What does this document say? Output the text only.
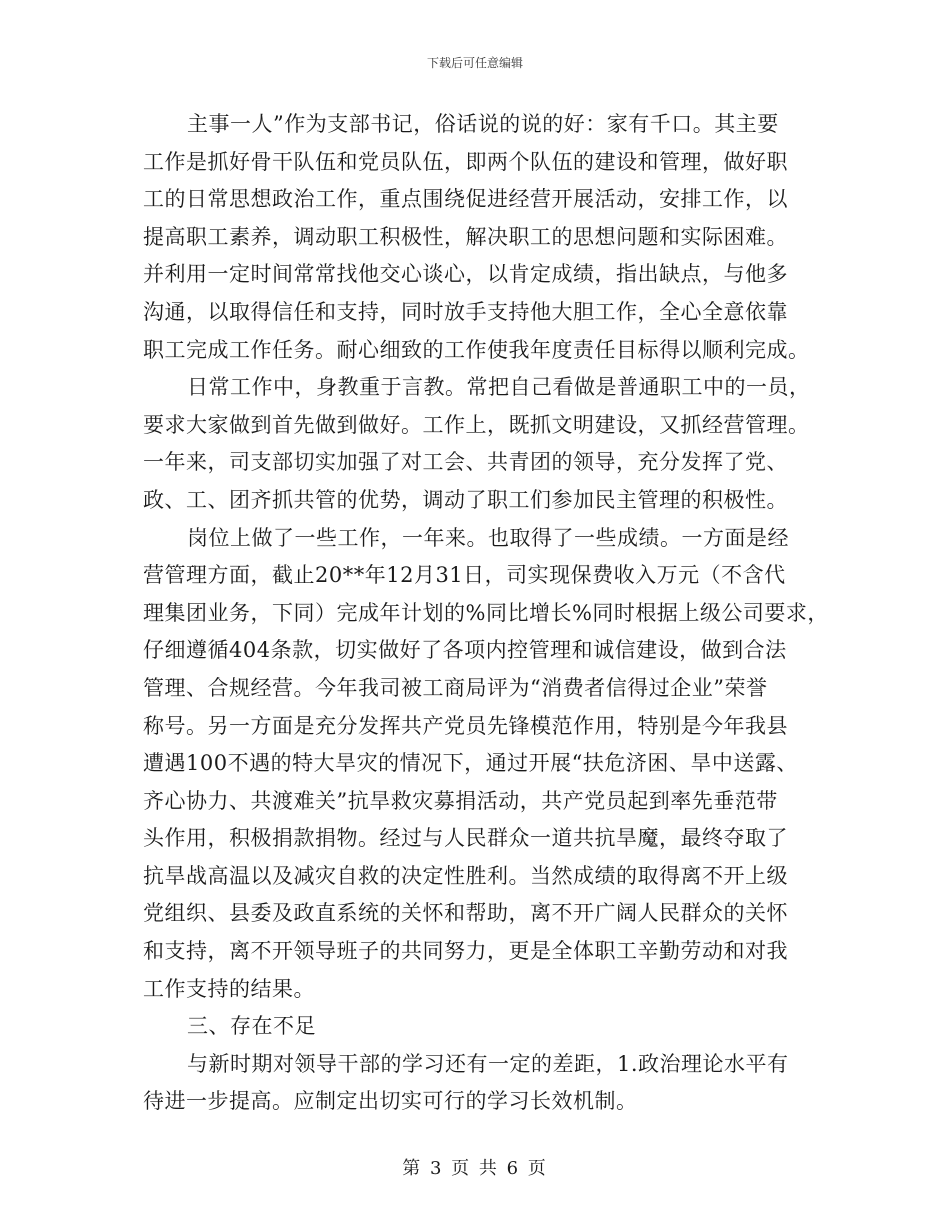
下载后可任意编辑
主事一人”作为支部书记，俗话说的说的好：家有千口。其主要
工作是抓好骨干队伍和党员队伍，即两个队伍的建设和管理，做好职
工的日常思想政治工作，重点围绕促进经营开展活动，安排工作，以
提高职工素养，调动职工积极性，解决职工的思想问题和实际困难。
并利用一定时间常常找他交心谈心，以肯定成绩，指出缺点，与他多
沟通，以取得信任和支持，同时放手支持他大胆工作，全心全意依靠
职工完成工作任务。耐心细致的工作使我年度责任目标得以顺利完成。
日常工作中，身教重于言教。常把自己看做是普通职工中的一员，
要求大家做到首先做到做好。工作上，既抓文明建设，又抓经营管理。
一年来，司支部切实加强了对工会、共青团的领导，充分发挥了党、
政、工、团齐抓共管的优势，调动了职工们参加民主管理的积极性。
岗位上做了一些工作，一年来。也取得了一些成绩。一方面是经
营管理方面，截止20**年12月31日，司实现保费收入万元（不含代
理集团业务，下同）完成年计划的%同比增长%同时根据上级公司要求，
仔细遵循404条款，切实做好了各项内控管理和诚信建设，做到合法
管理、合规经营。今年我司被工商局评为“消费者信得过企业”荣誉
称号。另一方面是充分发挥共产党员先锋模范作用，特别是今年我县
遭遇100不遇的特大旱灾的情况下，通过开展“扶危济困、旱中送露、
齐心协力、共渡难关”抗旱救灾募捐活动，共产党员起到率先垂范带
头作用，积极捐款捐物。经过与人民群众一道共抗旱魔，最终夺取了
抗旱战高温以及减灾自救的决定性胜利。当然成绩的取得离不开上级
党组织、县委及政直系统的关怀和帮助，离不开广阔人民群众的关怀
和支持，离不开领导班子的共同努力，更是全体职工辛勤劳动和对我
工作支持的结果。
三、存在不足
与新时期对领导干部的学习还有一定的差距，1.政治理论水平有
待进一步提高。应制定出切实可行的学习长效机制。
第 3 页 共 6 页
